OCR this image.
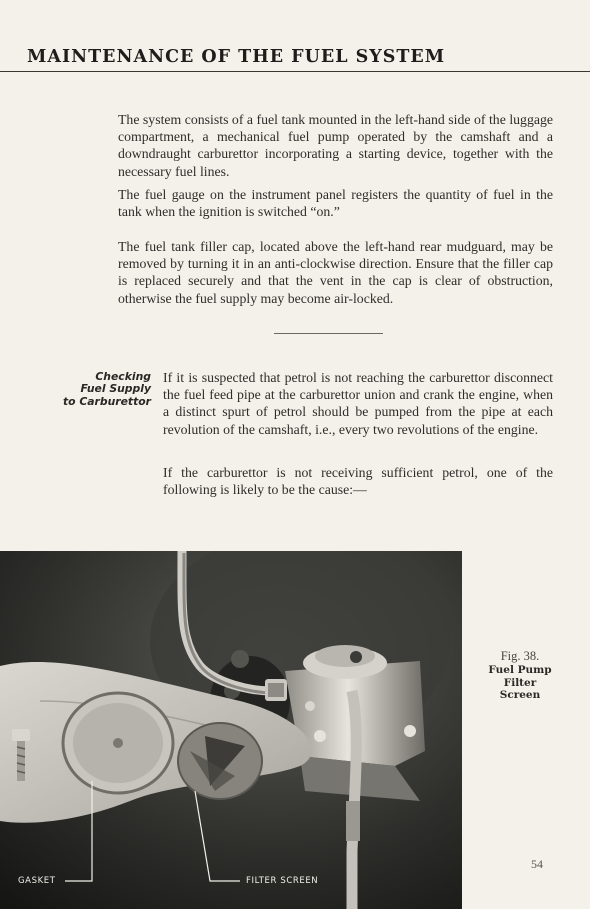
MAINTENANCE OF THE FUEL SYSTEM

The system consists of a fuel tank mounted in the left-hand side of the luggage compartment, a mechanical fuel pump operated by the camshaft and a downdraught carburettor incorporating a starting device, together with the necessary fuel lines.

The fuel gauge on the instrument panel registers the quantity of fuel in the tank when the ignition is switched “on.”

The fuel tank filler cap, located above the left-hand rear mudguard, may be removed by turning it in an anti-clockwise direction. Ensure that the filler cap is replaced securely and that the vent in the cap is clear of obstruction, otherwise the fuel supply may become air-locked.

Checking
Fuel Supply
to Carburettor

If it is suspected that petrol is not reaching the carburettor disconnect the fuel feed pipe at the carburettor union and crank the engine, when a distinct spurt of petrol should be pumped from the pipe at each revolution of the camshaft, i.e., every two revolutions of the engine.

If the carburettor is not receiving sufficient petrol, one of the following is likely to be the cause:—

GASKET	FILTER SCREEN
Fig. 38.
Fuel Pump
Filter
Screen
54
